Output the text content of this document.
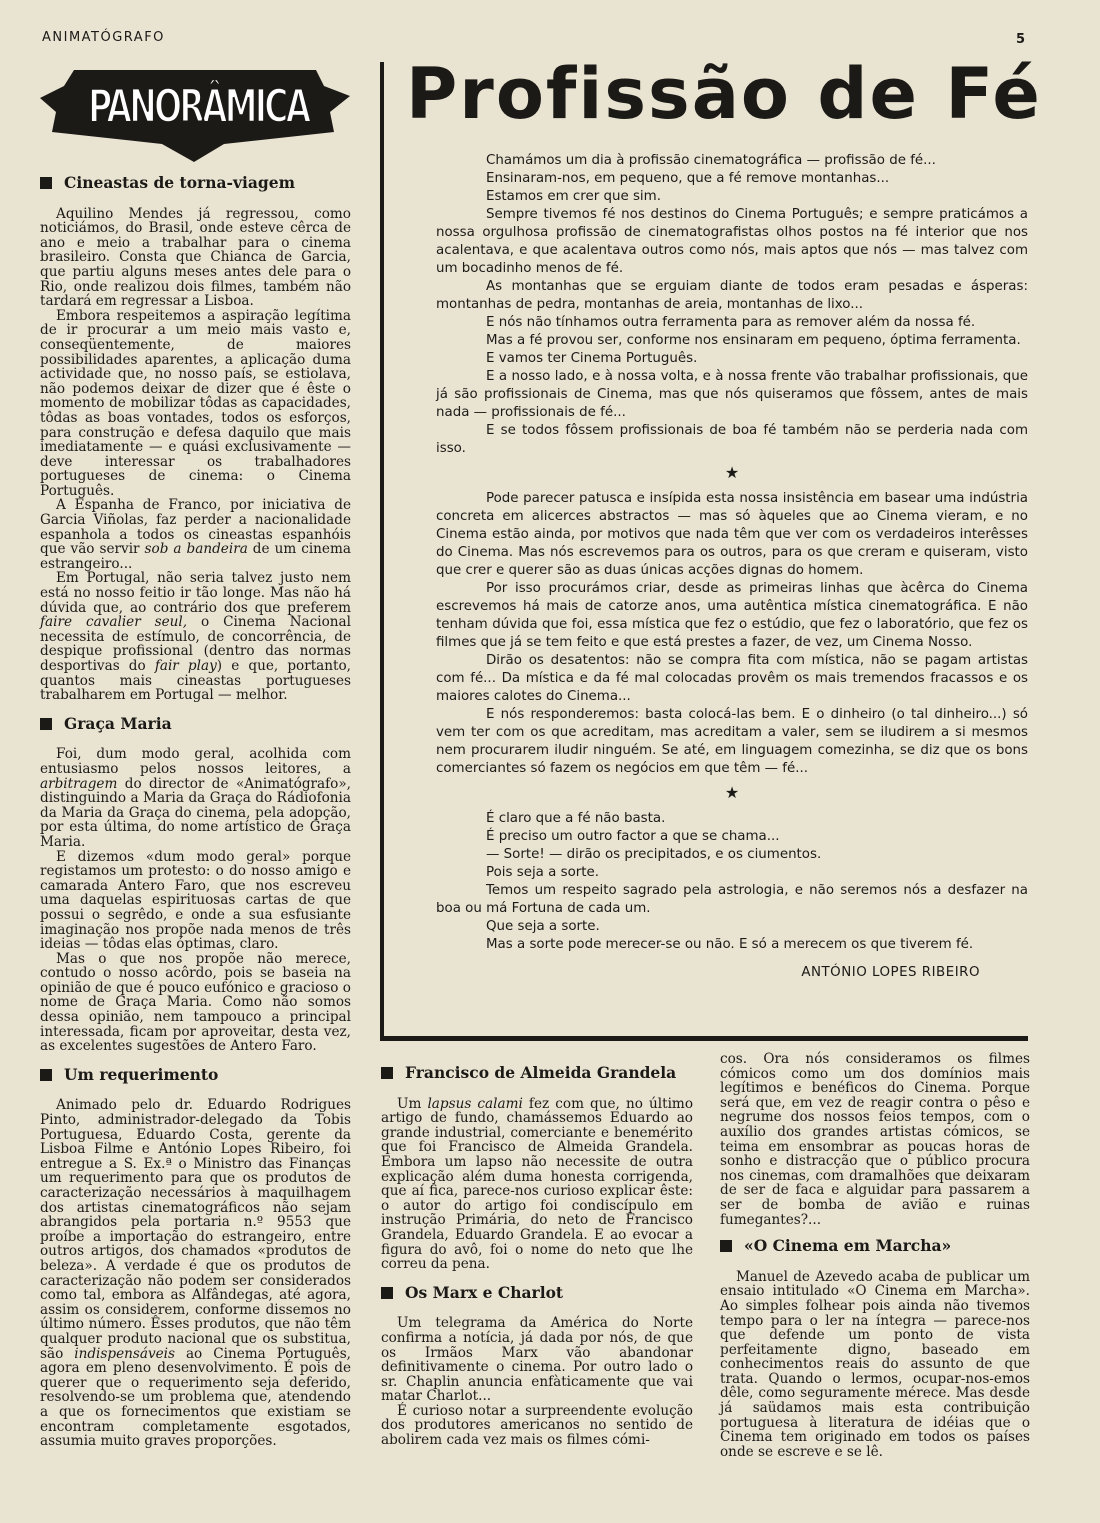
ANIMATÓGRAFO	5
PANORÂMICA Profissão de Fé

Chamámos um dia à profissão cinematográfica — profissão de fé...

Ensinaram-nos, em pequeno, que a fé remove montanhas...

Estamos em crer que sim.

Sempre tivemos fé nos destinos do Cinema Português; e sempre praticámos a nossa orgulhosa profissão de cinematografistas olhos postos na fé interior que nos acalentava, e que acalentava outros como nós, mais aptos que nós — mas talvez com um bocadinho menos de fé.

As montanhas que se erguiam diante de todos eram pesadas e ásperas: montanhas de pedra, montanhas de areia, montanhas de lixo...

E nós não tínhamos outra ferramenta para as remover além da nossa fé.

Mas a fé provou ser, conforme nos ensinaram em pequeno, óptima ferramenta.

E vamos ter Cinema Português.

E a nosso lado, e à nossa volta, e à nossa frente vão trabalhar profissionais, que já são profissionais de Cinema, mas que nós quiseramos que fôssem, antes de mais nada — profissionais de fé...

E se todos fôssem profissionais de boa fé também não se perderia nada com isso.

★

Pode parecer patusca e insípida esta nossa insistência em basear uma indústria concreta em alicerces abstractos — mas só àqueles que ao Cinema vieram, e no Cinema estão ainda, por motivos que nada têm que ver com os verdadeiros interêsses do Cinema. Mas nós escrevemos para os outros, para os que creram e quiseram, visto que crer e querer são as duas únicas acções dignas do homem.

Por isso procurámos criar, desde as primeiras linhas que àcêrca do Cinema escrevemos há mais de catorze anos, uma autêntica mística cinematográfica. E não tenham dúvida que foi, essa mística que fez o estúdio, que fez o laboratório, que fez os filmes que já se tem feito e que está prestes a fazer, de vez, um Cinema Nosso.

Dirão os desatentos: não se compra fita com mística, não se pagam artistas com fé... Da mística e da fé mal colocadas provêm os mais tremendos fracassos e os maiores calotes do Cinema...

E nós responderemos: basta colocá-las bem. E o dinheiro (o tal dinheiro...) só vem ter com os que acreditam, mas acreditam a valer, sem se iludirem a si mesmos nem procurarem iludir ninguém. Se até, em linguagem comezinha, se diz que os bons comerciantes só fazem os negócios em que têm — fé...

★

É claro que a fé não basta.

É preciso um outro factor a que se chama...

— Sorte! — dirão os precipitados, e os ciumentos.

Pois seja a sorte.

Temos um respeito sagrado pela astrologia, e não seremos nós a desfazer na boa ou má Fortuna de cada um.

Que seja a sorte.

Mas a sorte pode merecer-se ou não. E só a merecem os que tiverem fé.

ANTÓNIO LOPES RIBEIRO

Cineastas de torna-viagem

Aquilino Mendes já regressou, como noticiámos, do Brasil, onde esteve cêrca de ano e meio a trabalhar para o cinema brasileiro. Consta que Chianca de Garcia, que partiu alguns meses antes dele para o Rio, onde realizou dois filmes, também não tardará em regressar a Lisboa.

Embora respeitemos a aspiração legítima de ir procurar a um meio mais vasto e, conseqüentemente, de maiores possibilidades aparentes, a aplicação duma actividade que, no nosso país, se estiolava, não podemos deixar de dizer que é êste o momento de mobilizar tôdas as capacidades, tôdas as boas vontades, todos os esforços, para construção e defesa daquilo que mais imediatamente — e quási exclusivamente — deve interessar os trabalhadores portugueses de cinema: o Cinema Português.

A Espanha de Franco, por iniciativa de Garcia Viñolas, faz perder a nacionalidade espanhola a todos os cineastas espanhóis que vão servir sob a bandeira de um cinema estrangeiro...

Em Portugal, não seria talvez justo nem está no nosso feitio ir tão longe. Mas não há dúvida que, ao contrário dos que preferem faire cavalier seul, o Cinema Nacional necessita de estímulo, de concorrência, de despique profissional (dentro das normas desportivas do fair play) e que, portanto, quantos mais cineastas portugueses trabalharem em Portugal — melhor.

Graça Maria

Foi, dum modo geral, acolhida com entusiasmo pelos nossos leitores, a arbitragem do director de «Animatógrafo», distinguindo a Maria da Graça do Rádiofonia da Maria da Graça do cinema, pela adopção, por esta última, do nome artístico de Graça Maria.

E dizemos «dum modo geral» porque registamos um protesto: o do nosso amigo e camarada Antero Faro, que nos escreveu uma daquelas espirituosas cartas de que possui o segrêdo, e onde a sua esfusiante imaginação nos propõe nada menos de três ideias — tôdas elas óptimas, claro.

Mas o que nos propõe não merece, contudo o nosso acôrdo, pois se baseia na opinião de que é pouco eufónico e gracioso o nome de Graça Maria. Como não somos dessa opinião, nem tampouco a principal interessada, ficam por aproveitar, desta vez, as excelentes sugestões de Antero Faro.

Um requerimento

Animado pelo dr. Eduardo Rodrigues Pinto, administrador-delegado da Tobis Portuguesa, Eduardo Costa, gerente da Lisboa Filme e António Lopes Ribeiro, foi entregue a S. Ex.ª o Ministro das Finanças um requerimento para que os produtos de caracterização necessários à maquilhagem dos artistas cinematográficos não sejam abrangidos pela portaria n.º 9553 que proíbe a importação do estrangeiro, entre outros artigos, dos chamados «produtos de beleza». A verdade é que os produtos de caracterização não podem ser considerados como tal, embora as Alfândegas, até agora, assim os considerem, conforme dissemos no último número. Êsses produtos, que não têm qualquer produto nacional que os substitua, são indispensáveis ao Cinema Português, agora em pleno desenvolvimento. É pois de querer que o requerimento seja deferido, resolvendo-se um problema que, atendendo a que os fornecimentos que existiam se encontram completamente esgotados, assumia muito graves proporções.

Francisco de Almeida Grandela

Um lapsus calami fez com que, no último artigo de fundo, chamássemos Eduardo ao grande industrial, comerciante e benemérito que foi Francisco de Almeida Grandela. Embora um lapso não necessite de outra explicação além duma honesta corrigenda, que aí fica, parece-nos curioso explicar êste: o autor do artigo foi condiscípulo em instrução Primária, do neto de Francisco Grandela, Eduardo Grandela. E ao evocar a figura do avô, foi o nome do neto que lhe correu da pena.

Os Marx e Charlot

Um telegrama da América do Norte confirma a notícia, já dada por nós, de que os Irmãos Marx vão abandonar definitivamente o cinema. Por outro lado o sr. Chaplin anuncia enfàticamente que vai matar Charlot...

É curioso notar a surpreendente evolução dos produtores americanos no sentido de abolirem cada vez mais os filmes cómi-

cos. Ora nós consideramos os filmes cómicos como um dos domínios mais legítimos e benéficos do Cinema. Porque será que, em vez de reagir contra o pêso e negrume dos nossos feios tempos, com o auxílio dos grandes artistas cómicos, se teima em ensombrar as poucas horas de sonho e distracção que o público procura nos cinemas, com dramalhões que deixaram de ser de faca e alguidar para passarem a ser de bomba de avião e ruinas fumegantes?...

«O Cinema em Marcha»

Manuel de Azevedo acaba de publicar um ensaio intitulado «O Cinema em Marcha». Ao simples folhear pois ainda não tivemos tempo para o ler na íntegra — parece-nos que defende um ponto de vista perfeitamente digno, baseado em conhecimentos reais do assunto de que trata. Quando o lermos, ocupar-nos-emos dêle, como seguramente mérece. Mas desde já saüdamos mais esta contribuição portuguesa à literatura de idéias que o Cinema tem originado em todos os países onde se escreve e se lê.
